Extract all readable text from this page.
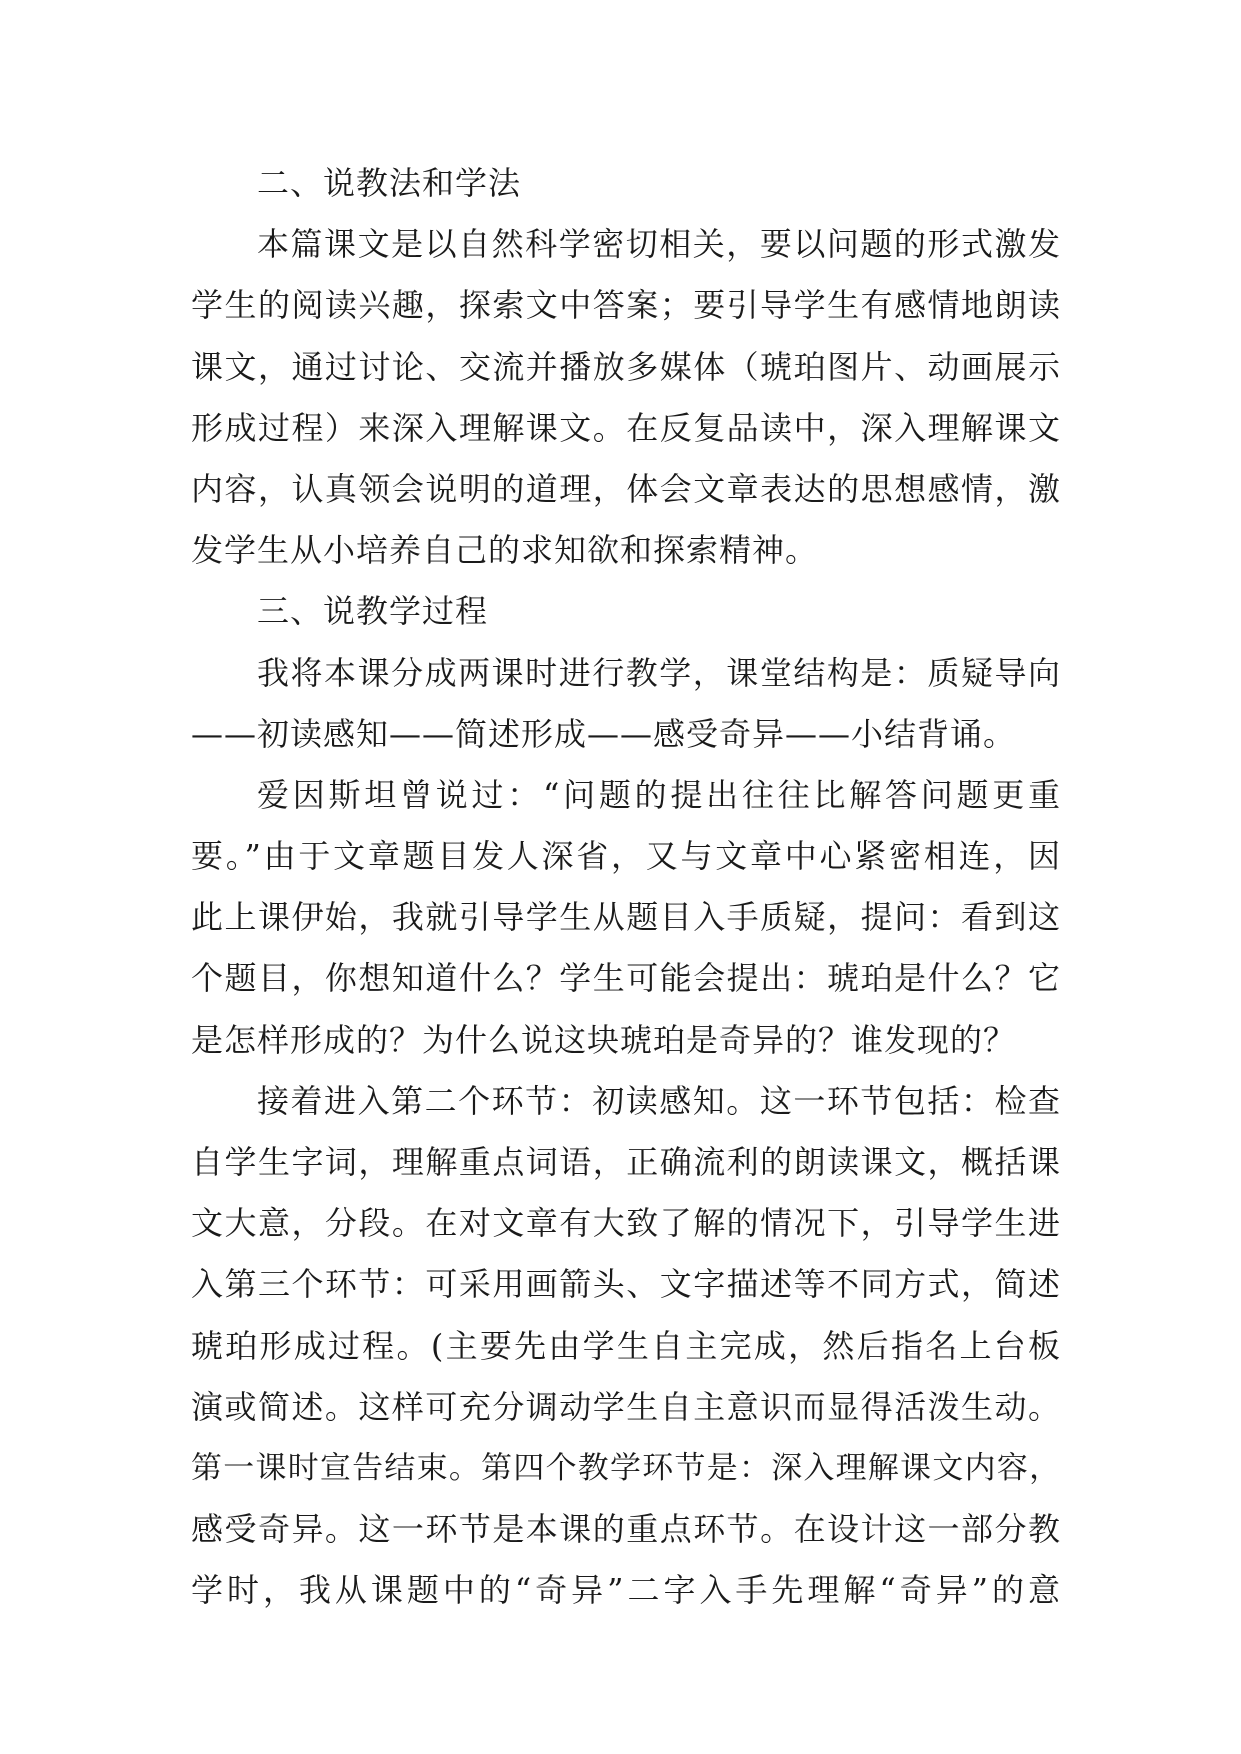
二、说教法和学法
本篇课文是以自然科学密切相关，要以问题的形式激发
学生的阅读兴趣，探索文中答案；要引导学生有感情地朗读
课文，通过讨论、交流并播放多媒体（琥珀图片、动画展示
形成过程）来深入理解课文。在反复品读中，深入理解课文
内容，认真领会说明的道理，体会文章表达的思想感情，激
发学生从小培养自己的求知欲和探索精神。
三、说教学过程
我将本课分成两课时进行教学，课堂结构是：质疑导向
——初读感知——简述形成——感受奇异——小结背诵。
爱因斯坦曾说过：“问题的提出往往比解答问题更重
要。”由于文章题目发人深省，又与文章中心紧密相连，因
此上课伊始，我就引导学生从题目入手质疑，提问：看到这
个题目，你想知道什么？学生可能会提出：琥珀是什么？它
是怎样形成的？为什么说这块琥珀是奇异的？谁发现的？
接着进入第二个环节：初读感知。这一环节包括：检查
自学生字词，理解重点词语，正确流利的朗读课文，概括课
文大意，分段。在对文章有大致了解的情况下，引导学生进
入第三个环节：可采用画箭头、文字描述等不同方式，简述
琥珀形成过程。(主要先由学生自主完成，然后指名上台板
演或简述。这样可充分调动学生自主意识而显得活泼生动。
第一课时宣告结束。第四个教学环节是：深入理解课文内容，
感受奇异。这一环节是本课的重点环节。在设计这一部分教
学时，我从课题中的“奇异”二字入手先理解“奇异”的意
